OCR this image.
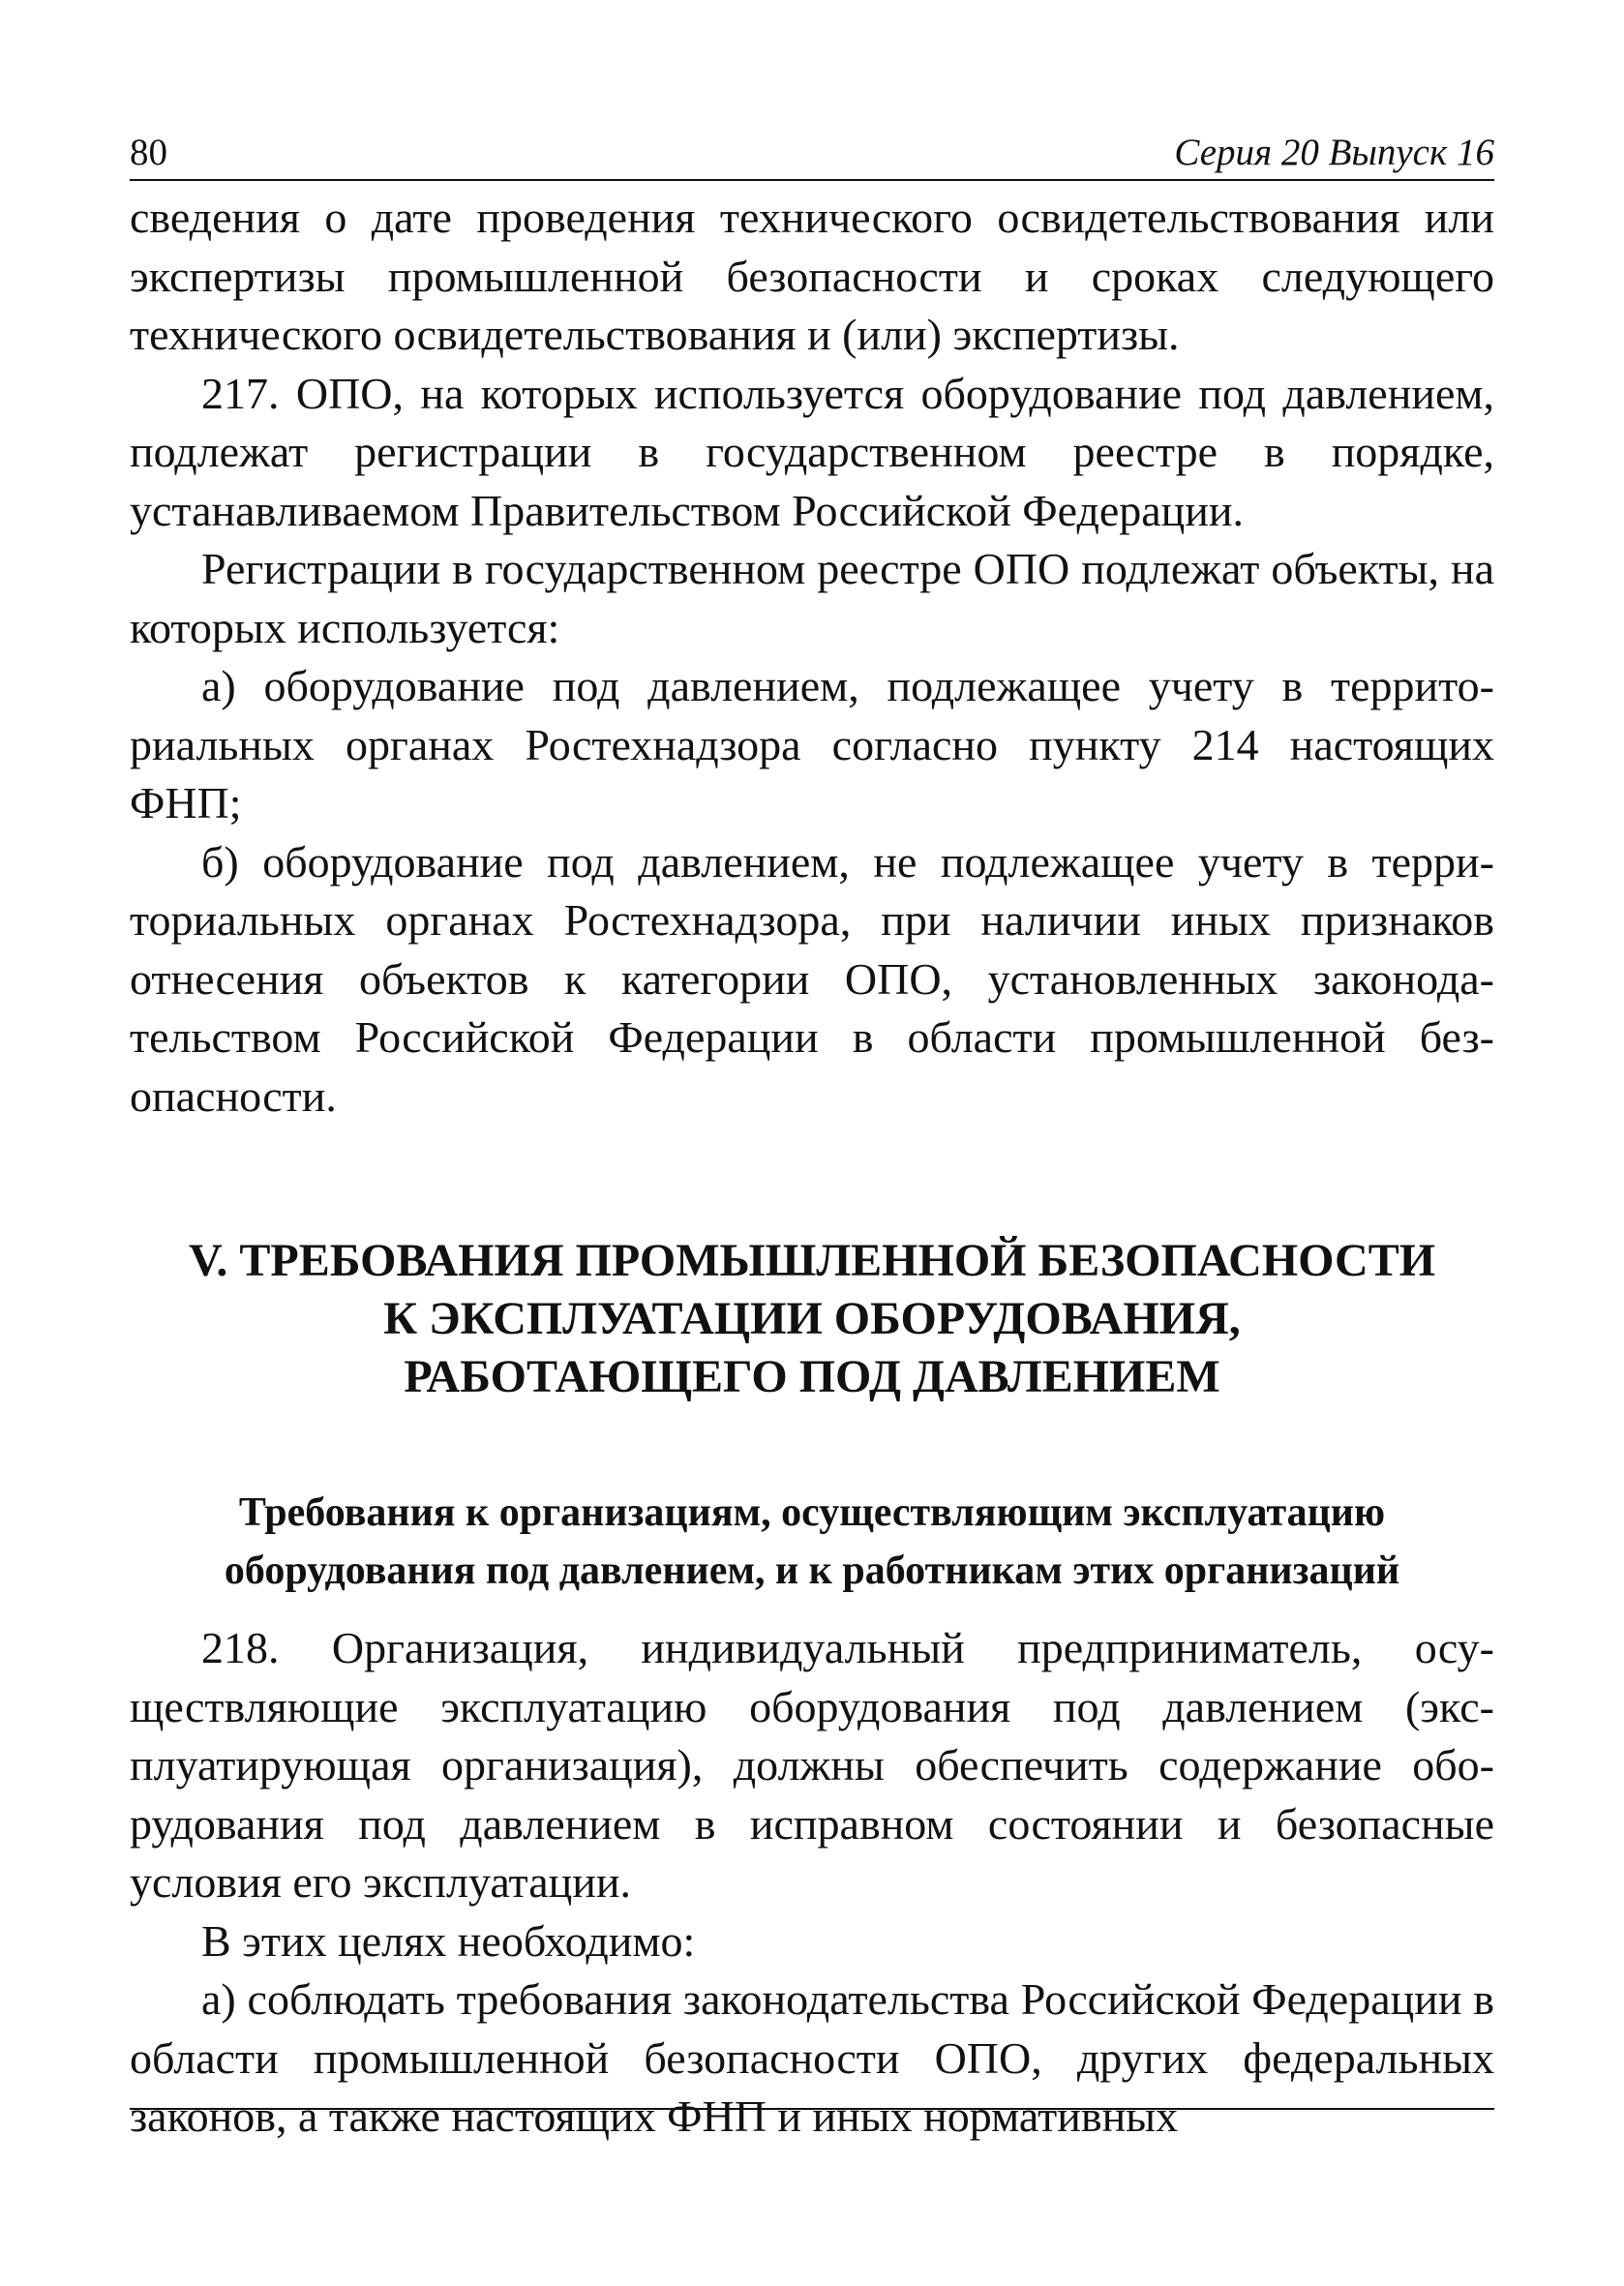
80	Серия 20 Выпуск 16

сведения о дате проведения технического освидетельствования или экспертизы промышленной безопасности и сроках следующего технического освидетельствования и (или) экспертизы.

217. ОПО, на которых используется оборудование под давлением, подлежат регистрации в государственном реестре в порядке, устанавливаемом Правительством Российской Федерации.

Регистрации в государственном реестре ОПО подлежат объекты, на которых используется:

а) оборудование под давлением, подлежащее учету в территориальных органах Ростехнадзора согласно пункту 214 настоящих ФНП;

б) оборудование под давлением, не подлежащее учету в территориальных органах Ростехнадзора, при наличии иных признаков отнесения объектов к категории ОПО, установленных законодательством Российской Федерации в области промышленной безопасности.

V. ТРЕБОВАНИЯ ПРОМЫШЛЕННОЙ БЕЗОПАСНОСТИ
К ЭКСПЛУАТАЦИИ ОБОРУДОВАНИЯ,
РАБОТАЮЩЕГО ПОД ДАВЛЕНИЕМ
Требования к организациям, осуществляющим эксплуатацию
оборудования под давлением, и к работникам этих организаций

218. Организация, индивидуальный предприниматель, осуществляющие эксплуатацию оборудования под давлением (эксплуатирующая организация), должны обеспечить содержание оборудования под давлением в исправном состоянии и безопасные условия его эксплуатации.

В этих целях необходимо:

а) соблюдать требования законодательства Российской Федерации в области промышленной безопасности ОПО, других федеральных законов, а также настоящих ФНП и иных нормативных
